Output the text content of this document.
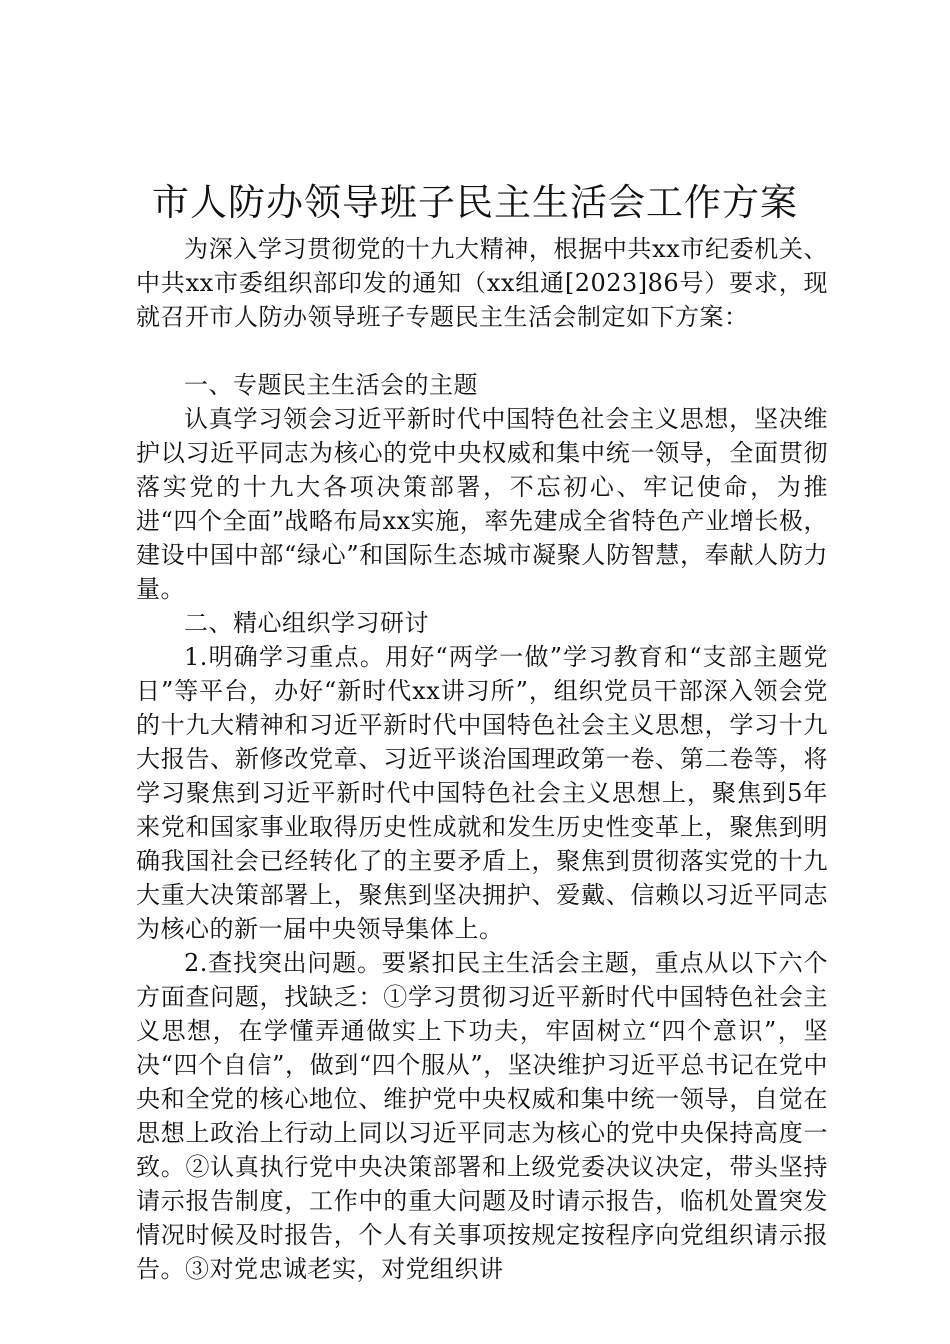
市人防办领导班子民主生活会工作方案

为深入学习贯彻党的十九大精神，根据中共xx市纪委机关、中共xx市委组织部印发的通知（xx组通[2023]86号）要求，现就召开市人防办领导班子专题民主生活会制定如下方案：

一、专题民主生活会的主题

认真学习领会习近平新时代中国特色社会主义思想，坚决维护以习近平同志为核心的党中央权威和集中统一领导，全面贯彻落实党的十九大各项决策部署，不忘初心、牢记使命，为推进“四个全面”战略布局xx实施，率先建成全省特色产业增长极，建设中国中部“绿心”和国际生态城市凝聚人防智慧，奉献人防力量。

二、精心组织学习研讨

1.明确学习重点。用好“两学一做”学习教育和“支部主题党日”等平台，办好“新时代xx讲习所”，组织党员干部深入领会党的十九大精神和习近平新时代中国特色社会主义思想，学习十九大报告、新修改党章、习近平谈治国理政第一卷、第二卷等，将学习聚焦到习近平新时代中国特色社会主义思想上，聚焦到5年来党和国家事业取得历史性成就和发生历史性变革上，聚焦到明确我国社会已经转化了的主要矛盾上，聚焦到贯彻落实党的十九大重大决策部署上，聚焦到坚决拥护、爱戴、信赖以习近平同志为核心的新一届中央领导集体上。

2.查找突出问题。要紧扣民主生活会主题，重点从以下六个方面查问题，找缺乏：①学习贯彻习近平新时代中国特色社会主义思想，在学懂弄通做实上下功夫，牢固树立“四个意识”，坚决“四个自信”，做到“四个服从”，坚决维护习近平总书记在党中央和全党的核心地位、维护党中央权威和集中统一领导，自觉在思想上政治上行动上同以习近平同志为核心的党中央保持高度一致。②认真执行党中央决策部署和上级党委决议决定，带头坚持请示报告制度，工作中的重大问题及时请示报告，临机处置突发情况时候及时报告，个人有关事项按规定按程序向党组织请示报告。③对党忠诚老实，对党组织讲
